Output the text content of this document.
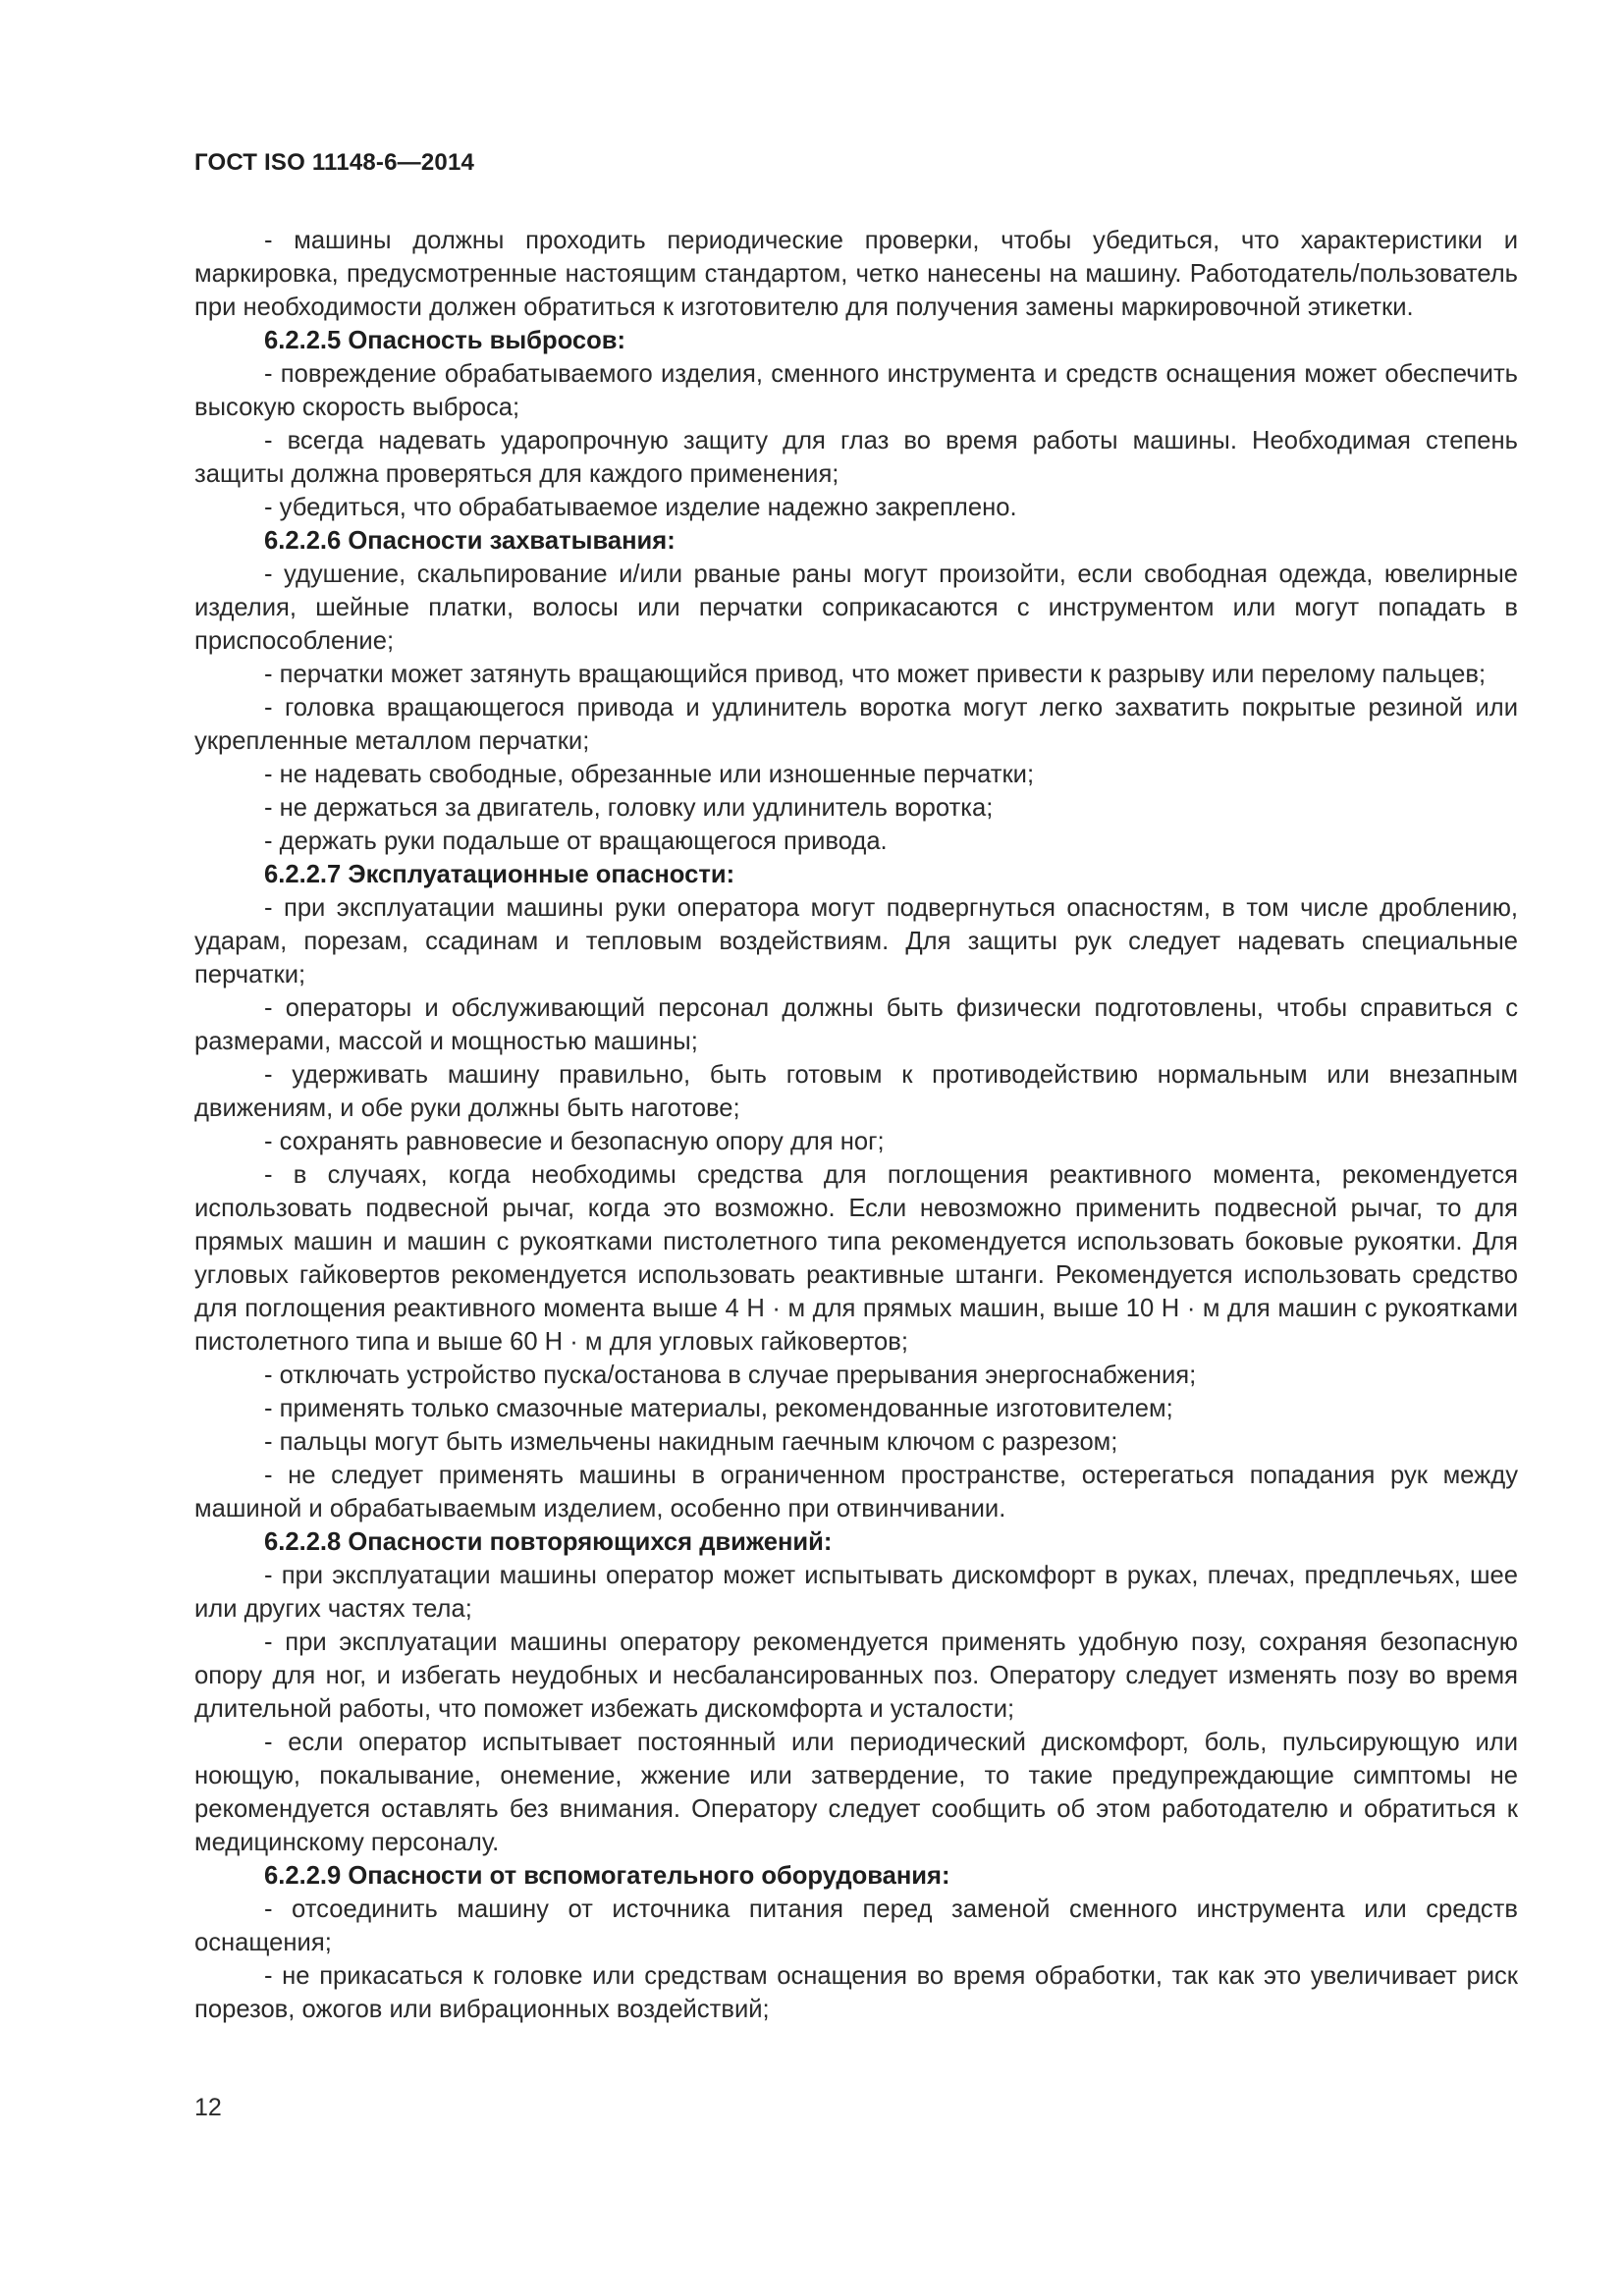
ГОСТ ISO 11148-6—2014

- машины должны проходить периодические проверки, чтобы убедиться, что характеристики и маркировка, предусмотренные настоящим стандартом, четко нанесены на машину. Работодатель/пользователь при необходимости должен обратиться к изготовителю для получения замены маркировочной этикетки.

6.2.2.5 Опасность выбросов:

- повреждение обрабатываемого изделия, сменного инструмента и средств оснащения может обеспечить высокую скорость выброса;

- всегда надевать ударопрочную защиту для глаз во время работы машины. Необходимая степень защиты должна проверяться для каждого применения;

- убедиться, что обрабатываемое изделие надежно закреплено.

6.2.2.6 Опасности захватывания:

- удушение, скальпирование и/или рваные раны могут произойти, если свободная одежда, ювелирные изделия, шейные платки, волосы или перчатки соприкасаются с инструментом или могут попадать в приспособление;

- перчатки может затянуть вращающийся привод, что может привести к разрыву или перелому пальцев;

- головка вращающегося привода и удлинитель воротка могут легко захватить покрытые резиной или укрепленные металлом перчатки;

- не надевать свободные, обрезанные или изношенные перчатки;

- не держаться за двигатель, головку или удлинитель воротка;

- держать руки подальше от вращающегося привода.

6.2.2.7 Эксплуатационные опасности:

- при эксплуатации машины руки оператора могут подвергнуться опасностям, в том числе дроблению, ударам, порезам, ссадинам и тепловым воздействиям. Для защиты рук следует надевать специальные перчатки;

- операторы и обслуживающий персонал должны быть физически подготовлены, чтобы справиться с размерами, массой и мощностью машины;

- удерживать машину правильно, быть готовым к противодействию нормальным или внезапным движениям, и обе руки должны быть наготове;

- сохранять равновесие и безопасную опору для ног;

- в случаях, когда необходимы средства для поглощения реактивного момента, рекомендуется использовать подвесной рычаг, когда это возможно. Если невозможно применить подвесной рычаг, то для прямых машин и машин с рукоятками пистолетного типа рекомендуется использовать боковые рукоятки. Для угловых гайковертов рекомендуется использовать реактивные штанги. Рекомендуется использовать средство для поглощения реактивного момента выше 4 Н · м для прямых машин, выше 10 Н · м для машин с рукоятками пистолетного типа и выше 60 Н · м для угловых гайковертов;

- отключать устройство пуска/останова в случае прерывания энергоснабжения;

- применять только смазочные материалы, рекомендованные изготовителем;

- пальцы могут быть измельчены накидным гаечным ключом с разрезом;

- не следует применять машины в ограниченном пространстве, остерегаться попадания рук между машиной и обрабатываемым изделием, особенно при отвинчивании.

6.2.2.8 Опасности повторяющихся движений:

- при эксплуатации машины оператор может испытывать дискомфорт в руках, плечах, предплечьях, шее или других частях тела;

- при эксплуатации машины оператору рекомендуется применять удобную позу, сохраняя безопасную опору для ног, и избегать неудобных и несбалансированных поз. Оператору следует изменять позу во время длительной работы, что поможет избежать дискомфорта и усталости;

- если оператор испытывает постоянный или периодический дискомфорт, боль, пульсирующую или ноющую, покалывание, онемение, жжение или затвердение, то такие предупреждающие симптомы не рекомендуется оставлять без внимания. Оператору следует сообщить об этом работодателю и обратиться к медицинскому персоналу.

6.2.2.9 Опасности от вспомогательного оборудования:

- отсоединить машину от источника питания перед заменой сменного инструмента или средств оснащения;

- не прикасаться к головке или средствам оснащения во время обработки, так как это увеличивает риск порезов, ожогов или вибрационных воздействий;

12
